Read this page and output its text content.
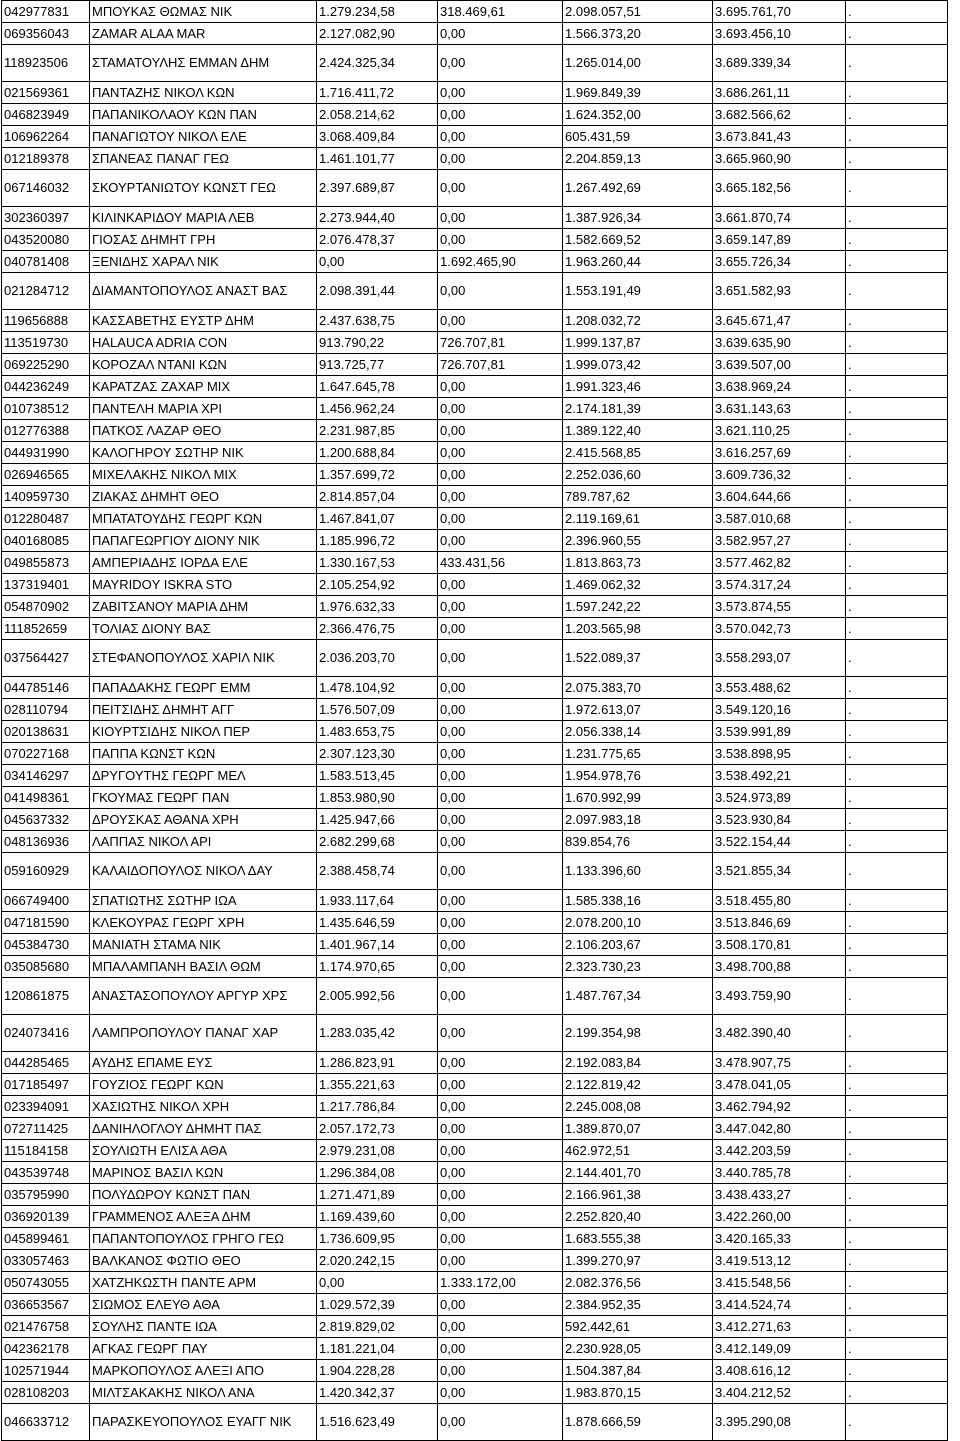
042977831	ΜΠΟΥΚΑΣ ΘΩΜΑΣ ΝΙΚ	1.279.234,58	318.469,61	2.098.057,51	3.695.761,70	.
069356043	ZAMAR ALAA MAR	2.127.082,90	0,00	1.566.373,20	3.693.456,10	.
118923506	ΣΤΑΜΑΤΟΥΛΗΣ ΕΜΜΑΝ ΔΗΜ	2.424.325,34	0,00	1.265.014,00	3.689.339,34	.
021569361	ΠΑΝΤΑΖΗΣ ΝΙΚΟΛ ΚΩΝ	1.716.411,72	0,00	1.969.849,39	3.686.261,11	.
046823949	ΠΑΠΑΝΙΚΟΛΑΟΥ ΚΩΝ ΠΑΝ	2.058.214,62	0,00	1.624.352,00	3.682.566,62	.
106962264	ΠΑΝΑΓΙΩΤΟΥ ΝΙΚΟΛ ΕΛΕ	3.068.409,84	0,00	605.431,59	3.673.841,43	.
012189378	ΣΠΑΝΕΑΣ ΠΑΝΑΓ ΓΕΩ	1.461.101,77	0,00	2.204.859,13	3.665.960,90	.
067146032	ΣΚΟΥΡΤΑΝΙΩΤΟΥ ΚΩΝΣΤ ΓΕΩ	2.397.689,87	0,00	1.267.492,69	3.665.182,56	.
302360397	ΚΙΛΙΝΚΑΡΙΔΟΥ ΜΑΡΙΑ ΛΕΒ	2.273.944,40	0,00	1.387.926,34	3.661.870,74	.
043520080	ΓΙΟΣΑΣ ΔΗΜΗΤ ΓΡΗ	2.076.478,37	0,00	1.582.669,52	3.659.147,89	.
040781408	ΞΕΝΙΔΗΣ ΧΑΡΑΛ ΝΙΚ	0,00	1.692.465,90	1.963.260,44	3.655.726,34	.
021284712	ΔΙΑΜΑΝΤΟΠΟΥΛΟΣ ΑΝΑΣΤ ΒΑΣ	2.098.391,44	0,00	1.553.191,49	3.651.582,93	.
119656888	ΚΑΣΣΑΒΕΤΗΣ ΕΥΣΤΡ ΔΗΜ	2.437.638,75	0,00	1.208.032,72	3.645.671,47	.
113519730	HALAUCA ADRIA CON	913.790,22	726.707,81	1.999.137,87	3.639.635,90	.
069225290	ΚΟΡΟΖΑΛ ΝΤΑΝΙ ΚΩΝ	913.725,77	726.707,81	1.999.073,42	3.639.507,00	.
044236249	ΚΑΡΑΤΖΑΣ ΖΑΧΑΡ ΜΙΧ	1.647.645,78	0,00	1.991.323,46	3.638.969,24	.
010738512	ΠΑΝΤΕΛΗ ΜΑΡΙΑ ΧΡΙ	1.456.962,24	0,00	2.174.181,39	3.631.143,63	.
012776388	ΠΑΤΚΟΣ ΛΑΖΑΡ ΘΕΟ	2.231.987,85	0,00	1.389.122,40	3.621.110,25	.
044931990	ΚΑΛΟΓΗΡΟΥ ΣΩΤΗΡ ΝΙΚ	1.200.688,84	0,00	2.415.568,85	3.616.257,69	.
026946565	ΜΙΧΕΛΑΚΗΣ ΝΙΚΟΛ ΜΙΧ	1.357.699,72	0,00	2.252.036,60	3.609.736,32	.
140959730	ΖΙΑΚΑΣ ΔΗΜΗΤ ΘΕΟ	2.814.857,04	0,00	789.787,62	3.604.644,66	.
012280487	ΜΠΑΤΑΤΟΥΔΗΣ ΓΕΩΡΓ ΚΩΝ	1.467.841,07	0,00	2.119.169,61	3.587.010,68	.
040168085	ΠΑΠΑΓΕΩΡΓΙΟΥ ΔΙΟΝΥ ΝΙΚ	1.185.996,72	0,00	2.396.960,55	3.582.957,27	.
049855873	ΑΜΠΕΡΙΑΔΗΣ ΙΟΡΔΑ ΕΛΕ	1.330.167,53	433.431,56	1.813.863,73	3.577.462,82	.
137319401	MAYRIDOY ISKRA STO	2.105.254,92	0,00	1.469.062,32	3.574.317,24	.
054870902	ΖΑΒΙΤΣΑΝΟΥ ΜΑΡΙΑ ΔΗΜ	1.976.632,33	0,00	1.597.242,22	3.573.874,55	.
111852659	ΤΟΛΙΑΣ ΔΙΟΝΥ ΒΑΣ	2.366.476,75	0,00	1.203.565,98	3.570.042,73	.
037564427	ΣΤΕΦΑΝΟΠΟΥΛΟΣ ΧΑΡΙΛ ΝΙΚ	2.036.203,70	0,00	1.522.089,37	3.558.293,07	.
044785146	ΠΑΠΑΔΑΚΗΣ ΓΕΩΡΓ ΕΜΜ	1.478.104,92	0,00	2.075.383,70	3.553.488,62	.
028110794	ΠΕΙΤΣΙΔΗΣ ΔΗΜΗΤ ΑΓΓ	1.576.507,09	0,00	1.972.613,07	3.549.120,16	.
020138631	ΚΙΟΥΡΤΣΙΔΗΣ ΝΙΚΟΛ ΠΕΡ	1.483.653,75	0,00	2.056.338,14	3.539.991,89	.
070227168	ΠΑΠΠΑ ΚΩΝΣΤ ΚΩΝ	2.307.123,30	0,00	1.231.775,65	3.538.898,95	.
034146297	ΔΡΥΓΟΥΤΗΣ ΓΕΩΡΓ ΜΕΛ	1.583.513,45	0,00	1.954.978,76	3.538.492,21	.
041498361	ΓΚΟΥΜΑΣ ΓΕΩΡΓ ΠΑΝ	1.853.980,90	0,00	1.670.992,99	3.524.973,89	.
045637332	ΔΡΟΥΣΚΑΣ ΑΘΑΝΑ ΧΡΗ	1.425.947,66	0,00	2.097.983,18	3.523.930,84	.
048136936	ΛΑΠΠΑΣ ΝΙΚΟΛ ΑΡΙ	2.682.299,68	0,00	839.854,76	3.522.154,44	.
059160929	ΚΑΛΑΙΔΟΠΟΥΛΟΣ ΝΙΚΟΛ ΔΑΥ	2.388.458,74	0,00	1.133.396,60	3.521.855,34	.
066749400	ΣΠΑΤΙΩΤΗΣ ΣΩΤΗΡ ΙΩΑ	1.933.117,64	0,00	1.585.338,16	3.518.455,80	.
047181590	ΚΛΕΚΟΥΡΑΣ ΓΕΩΡΓ ΧΡΗ	1.435.646,59	0,00	2.078.200,10	3.513.846,69	.
045384730	ΜΑΝΙΑΤΗ ΣΤΑΜΑ ΝΙΚ	1.401.967,14	0,00	2.106.203,67	3.508.170,81	.
035085680	ΜΠΑΛΑΜΠΑΝΗ ΒΑΣΙΛ ΘΩΜ	1.174.970,65	0,00	2.323.730,23	3.498.700,88	.
120861875	ΑΝΑΣΤΑΣΟΠΟΥΛΟΥ ΑΡΓΥΡ ΧΡΣ	2.005.992,56	0,00	1.487.767,34	3.493.759,90	.
024073416	ΛΑΜΠΡΟΠΟΥΛΟΥ ΠΑΝΑΓ ΧΑΡ	1.283.035,42	0,00	2.199.354,98	3.482.390,40	.
044285465	ΑΥΔΗΣ ΕΠΑΜΕ ΕΥΣ	1.286.823,91	0,00	2.192.083,84	3.478.907,75	.
017185497	ΓΟΥΖΙΟΣ ΓΕΩΡΓ ΚΩΝ	1.355.221,63	0,00	2.122.819,42	3.478.041,05	.
023394091	ΧΑΣΙΩΤΗΣ ΝΙΚΟΛ ΧΡΗ	1.217.786,84	0,00	2.245.008,08	3.462.794,92	.
072711425	ΔΑΝΙΗΛΟΓΛΟΥ ΔΗΜΗΤ ΠΑΣ	2.057.172,73	0,00	1.389.870,07	3.447.042,80	.
115184158	ΣΟΥΛΙΩΤΗ ΕΛΙΣΑ ΑΘΑ	2.979.231,08	0,00	462.972,51	3.442.203,59	.
043539748	ΜΑΡΙΝΟΣ ΒΑΣΙΛ ΚΩΝ	1.296.384,08	0,00	2.144.401,70	3.440.785,78	.
035795990	ΠΟΛΥΔΩΡΟΥ ΚΩΝΣΤ ΠΑΝ	1.271.471,89	0,00	2.166.961,38	3.438.433,27	.
036920139	ΓΡΑΜΜΕΝΟΣ ΑΛΕΞΑ ΔΗΜ	1.169.439,60	0,00	2.252.820,40	3.422.260,00	.
045899461	ΠΑΠΑΝΤΟΠΟΥΛΟΣ ΓΡΗΓΟ ΓΕΩ	1.736.609,95	0,00	1.683.555,38	3.420.165,33	.
033057463	ΒΑΛΚΑΝΟΣ ΦΩΤΙΟ ΘΕΟ	2.020.242,15	0,00	1.399.270,97	3.419.513,12	.
050743055	ΧΑΤΖΗΚΩΣΤΗ ΠΑΝΤΕ ΑΡΜ	0,00	1.333.172,00	2.082.376,56	3.415.548,56	.
036653567	ΣΙΩΜΟΣ ΕΛΕΥΘ ΑΘΑ	1.029.572,39	0,00	2.384.952,35	3.414.524,74	.
021476758	ΣΟΥΛΗΣ ΠΑΝΤΕ ΙΩΑ	2.819.829,02	0,00	592.442,61	3.412.271,63	.
042362178	ΑΓΚΑΣ ΓΕΩΡΓ ΠΑΥ	1.181.221,04	0,00	2.230.928,05	3.412.149,09	.
102571944	ΜΑΡΚΟΠΟΥΛΟΣ ΑΛΕΞΙ ΑΠΟ	1.904.228,28	0,00	1.504.387,84	3.408.616,12	.
028108203	ΜΙΛΤΣΑΚΑΚΗΣ ΝΙΚΟΛ ΑΝΑ	1.420.342,37	0,00	1.983.870,15	3.404.212,52	.
046633712	ΠΑΡΑΣΚΕΥΟΠΟΥΛΟΣ ΕΥΑΓΓ ΝΙΚ	1.516.623,49	0,00	1.878.666,59	3.395.290,08	.
